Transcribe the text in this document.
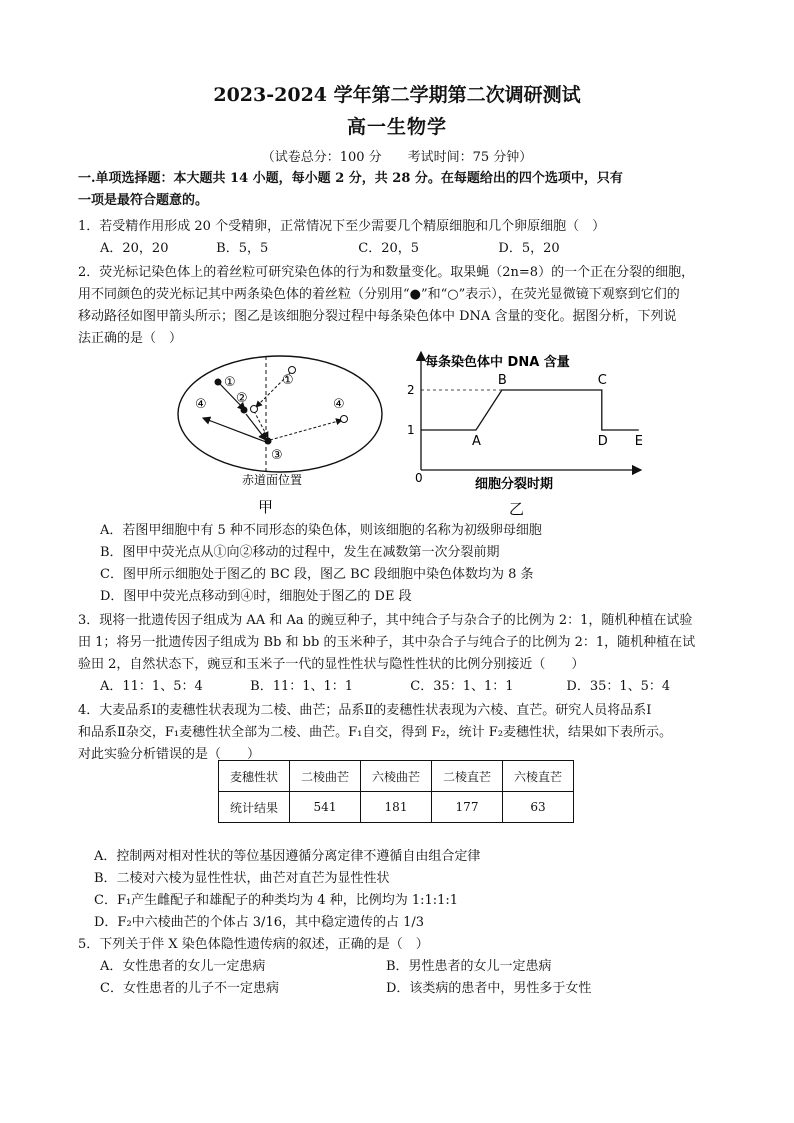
2023-2024 学年第二学期第二次调研测试
高一生物学
（试卷总分：100 分　　考试时间：75 分钟）
一.单项选择题：本大题共 14 小题，每小题 2 分，共 28 分。在每题给出的四个选项中，只有
一项是最符合题意的。
1．若受精作用形成 20 个受精卵，正常情况下至少需要几个精原细胞和几个卵原细胞（　）
A．20，20	B．5，5	C．20，5	D．5，20
2．荧光标记染色体上的着丝粒可研究染色体的行为和数量变化。取果蝇（2n=8）的一个正在分裂的细胞，
用不同颜色的荧光标记其中两条染色体的着丝粒（分别用“●”和“○”表示），在荧光显微镜下观察到它们的
移动路径如图甲箭头所示；图乙是该细胞分裂过程中每条染色体中 DNA 含量的变化。据图分析，下列说
法正确的是（　）
①
②
③
④
①
④
赤道面位置
甲
每条染色体中 DNA 含量
细胞分裂时期
0
1
2
A
B	C
D E
乙
A．若图甲细胞中有 5 种不同形态的染色体，则该细胞的名称为初级卵母细胞
B．图甲中荧光点从①向②移动的过程中，发生在减数第一次分裂前期
C．图甲所示细胞处于图乙的 BC 段，图乙 BC 段细胞中染色体数均为 8 条
D．图甲中荧光点移动到④时，细胞处于图乙的 DE 段
3．现将一批遗传因子组成为 AA 和 Aa 的豌豆种子，其中纯合子与杂合子的比例为 2：1，随机种植在试验
田 1；将另一批遗传因子组成为 Bb 和 bb 的玉米种子，其中杂合子与纯合子的比例为 2：1，随机种植在试
验田 2，自然状态下，豌豆和玉米子一代的显性性状与隐性性状的比例分别接近（　　）
A．11：1、5：4	B．11：1、1：1	C．35：1、1：1	D．35：1、5：4
4．大麦品系Ⅰ的麦穗性状表现为二棱、曲芒；品系Ⅱ的麦穗性状表现为六棱、直芒。研究人员将品系Ⅰ
和品系Ⅱ杂交，F₁麦穗性状全部为二棱、曲芒。F₁自交，得到 F₂，统计 F₂麦穗性状，结果如下表所示。
对此实验分析错误的是（　　）
麦穗性状	二棱曲芒	六棱曲芒	二棱直芒	六棱直芒
统计结果	541	181	177	63
A．控制两对相对性状的等位基因遵循分离定律不遵循自由组合定律
B．二棱对六棱为显性性状，曲芒对直芒为显性性状
C．F₁产生雌配子和雄配子的种类均为 4 种，比例均为 1:1:1:1
D．F₂中六棱曲芒的个体占 3/16，其中稳定遗传的占 1/3
5．下列关于伴 X 染色体隐性遗传病的叙述，正确的是（　）
A．女性患者的女儿一定患病	B．男性患者的女儿一定患病
C．女性患者的儿子不一定患病	D．该类病的患者中，男性多于女性
